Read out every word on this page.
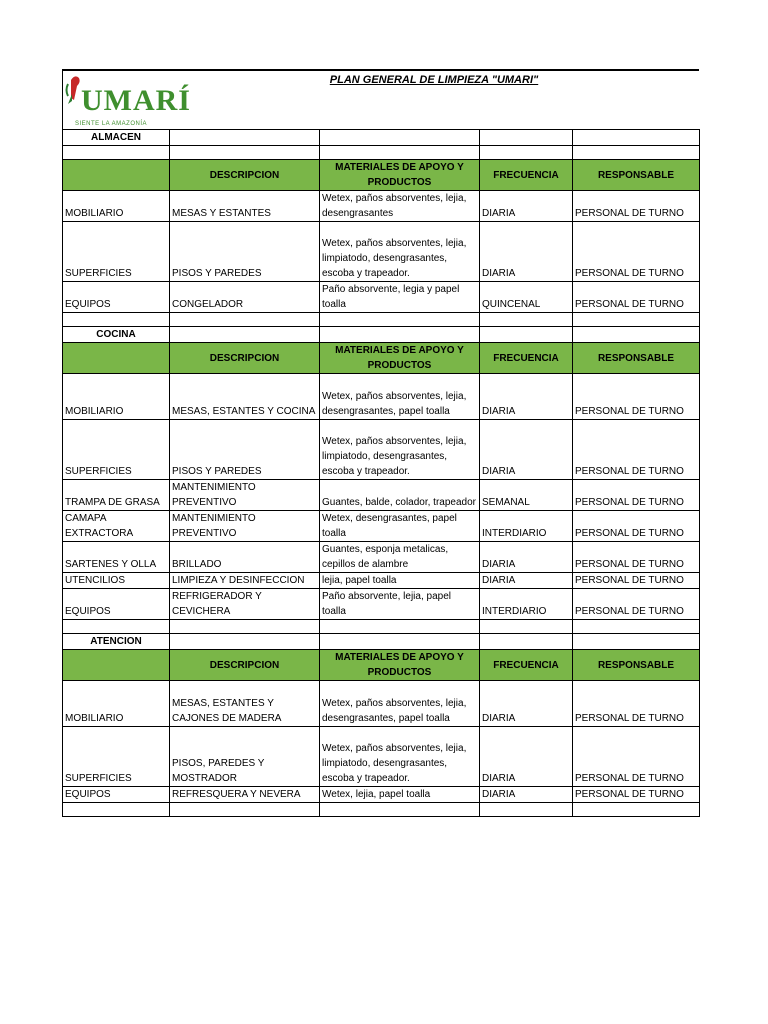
UMARÍ
SIENTE LA AMAZONÍA
PLAN GENERAL DE LIMPIEZA "UMARI"
ALMACEN				

	DESCRIPCION	MATERIALES DE APOYO Y PRODUCTOS	FRECUENCIA	RESPONSABLE
MOBILIARIO	MESAS Y ESTANTES	Wetex, paños absorventes, lejia, desengrasantes	DIARIA	PERSONAL DE TURNO
SUPERFICIES	PISOS Y PAREDES	Wetex, paños absorventes, lejia, limpiatodo, desengrasantes, escoba y trapeador.	DIARIA	PERSONAL DE TURNO
EQUIPOS	CONGELADOR	Paño absorvente, legia y papel toalla	QUINCENAL	PERSONAL DE TURNO

COCINA				
	DESCRIPCION	MATERIALES DE APOYO Y PRODUCTOS	FRECUENCIA	RESPONSABLE
MOBILIARIO	MESAS, ESTANTES Y COCINA	Wetex, paños absorventes, lejia, desengrasantes, papel toalla	DIARIA	PERSONAL DE TURNO
SUPERFICIES	PISOS Y PAREDES	Wetex, paños absorventes, lejia, limpiatodo, desengrasantes, escoba y trapeador.	DIARIA	PERSONAL DE TURNO
TRAMPA DE GRASA	MANTENIMIENTO PREVENTIVO	Guantes, balde, colador, trapeador	SEMANAL	PERSONAL DE TURNO
CAMAPA EXTRACTORA	MANTENIMIENTO PREVENTIVO	Wetex, desengrasantes, papel toalla	INTERDIARIO	PERSONAL DE TURNO
SARTENES Y OLLA	BRILLADO	Guantes, esponja metalicas, cepillos de alambre	DIARIA	PERSONAL DE TURNO
UTENCILIOS	LIMPIEZA Y DESINFECCION	lejia, papel toalla	DIARIA	PERSONAL DE TURNO
EQUIPOS	REFRIGERADOR Y CEVICHERA	Paño absorvente, lejia, papel toalla	INTERDIARIO	PERSONAL DE TURNO

ATENCION				
	DESCRIPCION	MATERIALES DE APOYO Y PRODUCTOS	FRECUENCIA	RESPONSABLE
MOBILIARIO	MESAS, ESTANTES Y CAJONES DE MADERA	Wetex, paños absorventes, lejia, desengrasantes, papel toalla	DIARIA	PERSONAL DE TURNO
SUPERFICIES	PISOS, PAREDES Y MOSTRADOR	Wetex, paños absorventes, lejia, limpiatodo, desengrasantes, escoba y trapeador.	DIARIA	PERSONAL DE TURNO
EQUIPOS	REFRESQUERA Y NEVERA	Wetex, lejia, papel toalla	DIARIA	PERSONAL DE TURNO
